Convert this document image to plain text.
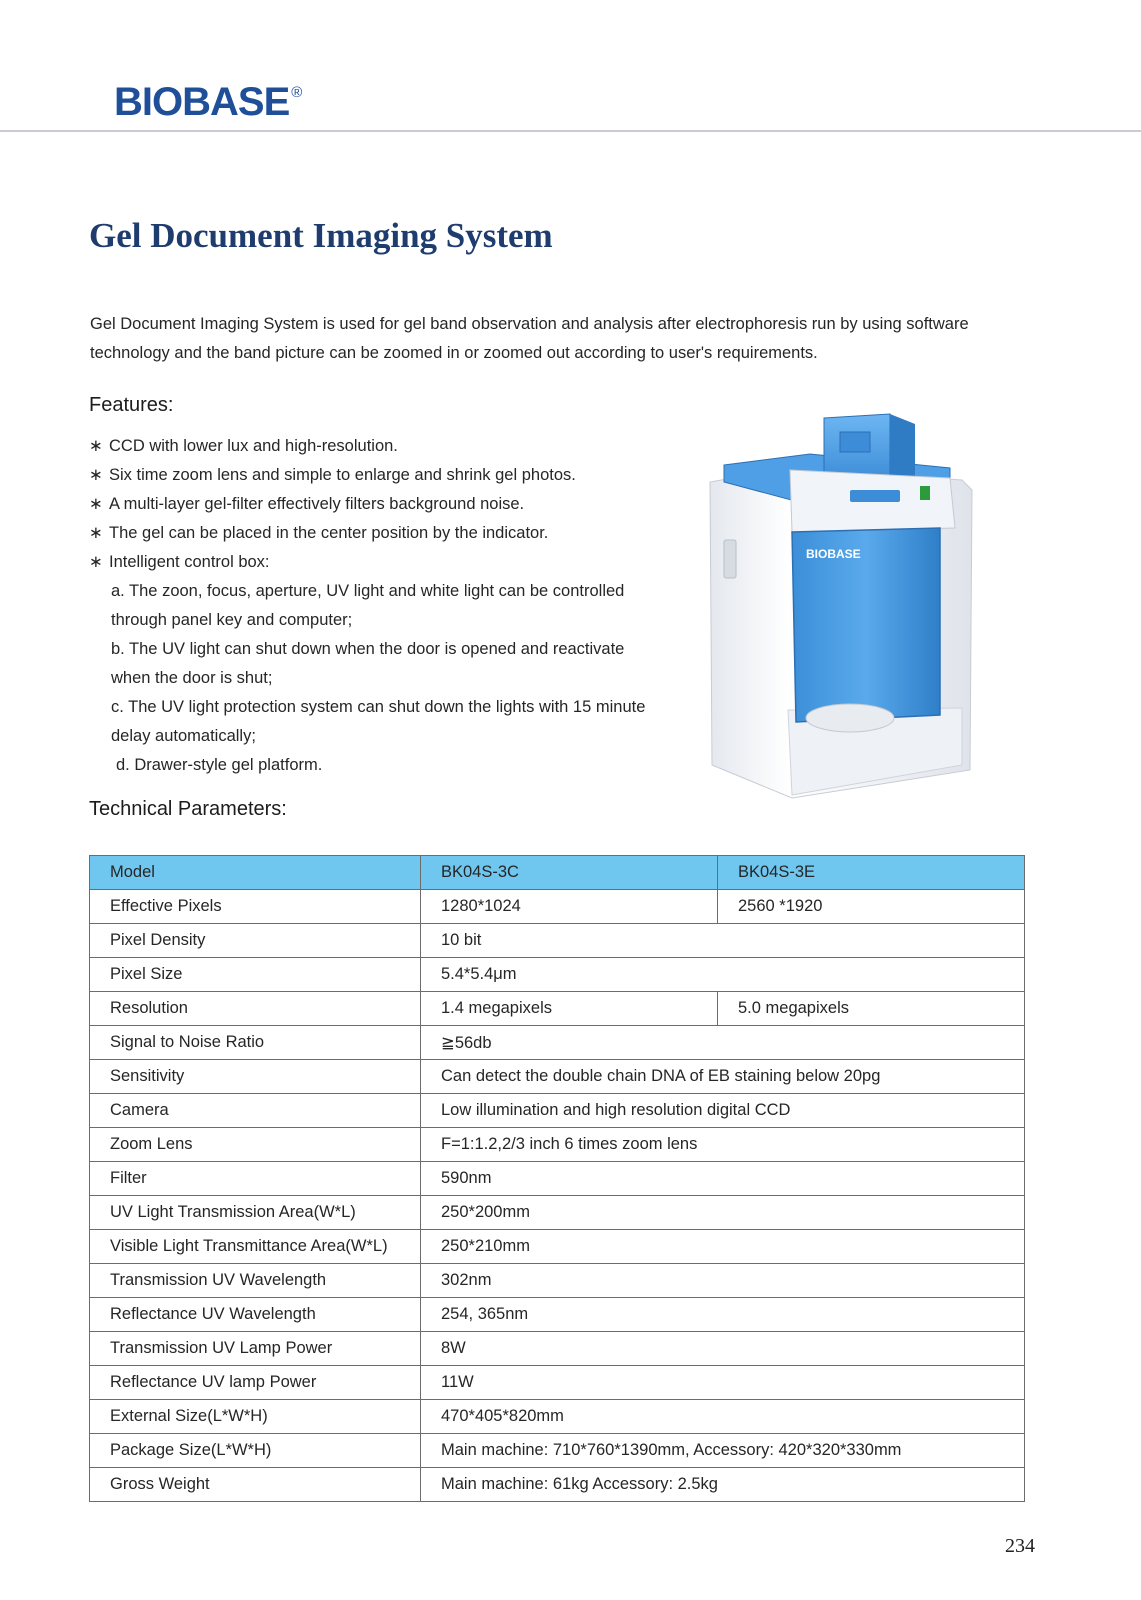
BIOBASE ®
Gel Document Imaging System

Gel Document Imaging System is used for gel band observation and analysis after electrophoresis run by using software technology and the band picture can be zoomed in or zoomed out according to user's requirements.

Features:
∗ CCD with lower lux and high-resolution.
∗ Six time zoom lens and simple to enlarge and shrink gel photos.
∗ A multi-layer gel-filter effectively filters background noise.
∗ The gel can be placed in the center position by the indicator.
∗ Intelligent control box:
a. The zoon, focus, aperture, UV light and white light can be controlled through panel key and computer;
b. The UV light can shut down when the door is opened and reactivate when the door is shut;
c. The UV light protection system can shut down the lights with 15 minute delay automatically;
d. Drawer-style gel platform.
BIOBASE
Technical Parameters:
Model	BK04S-3C	BK04S-3E
Effective Pixels	1280*1024	2560 *1920
Pixel Density	10 bit	
Pixel Size	5.4*5.4μm	
Resolution	1.4 megapixels	5.0 megapixels
Signal to Noise Ratio	≧56db	
Sensitivity	Can detect the double chain DNA of EB staining below 20pg	
Camera	Low illumination and high resolution digital CCD	
Zoom Lens	F=1:1.2,2/3 inch 6 times zoom lens	
Filter	590nm	
UV Light Transmission Area(W*L)	250*200mm	
Visible Light Transmittance Area(W*L)	250*210mm	
Transmission UV Wavelength	302nm	
Reflectance UV Wavelength	254, 365nm	
Transmission UV Lamp Power	8W	
Reflectance UV lamp Power	11W	
External Size(L*W*H)	470*405*820mm	
Package Size(L*W*H)	Main machine: 710*760*1390mm, Accessory: 420*320*330mm	
Gross Weight	Main machine: 61kg Accessory: 2.5kg	
234
